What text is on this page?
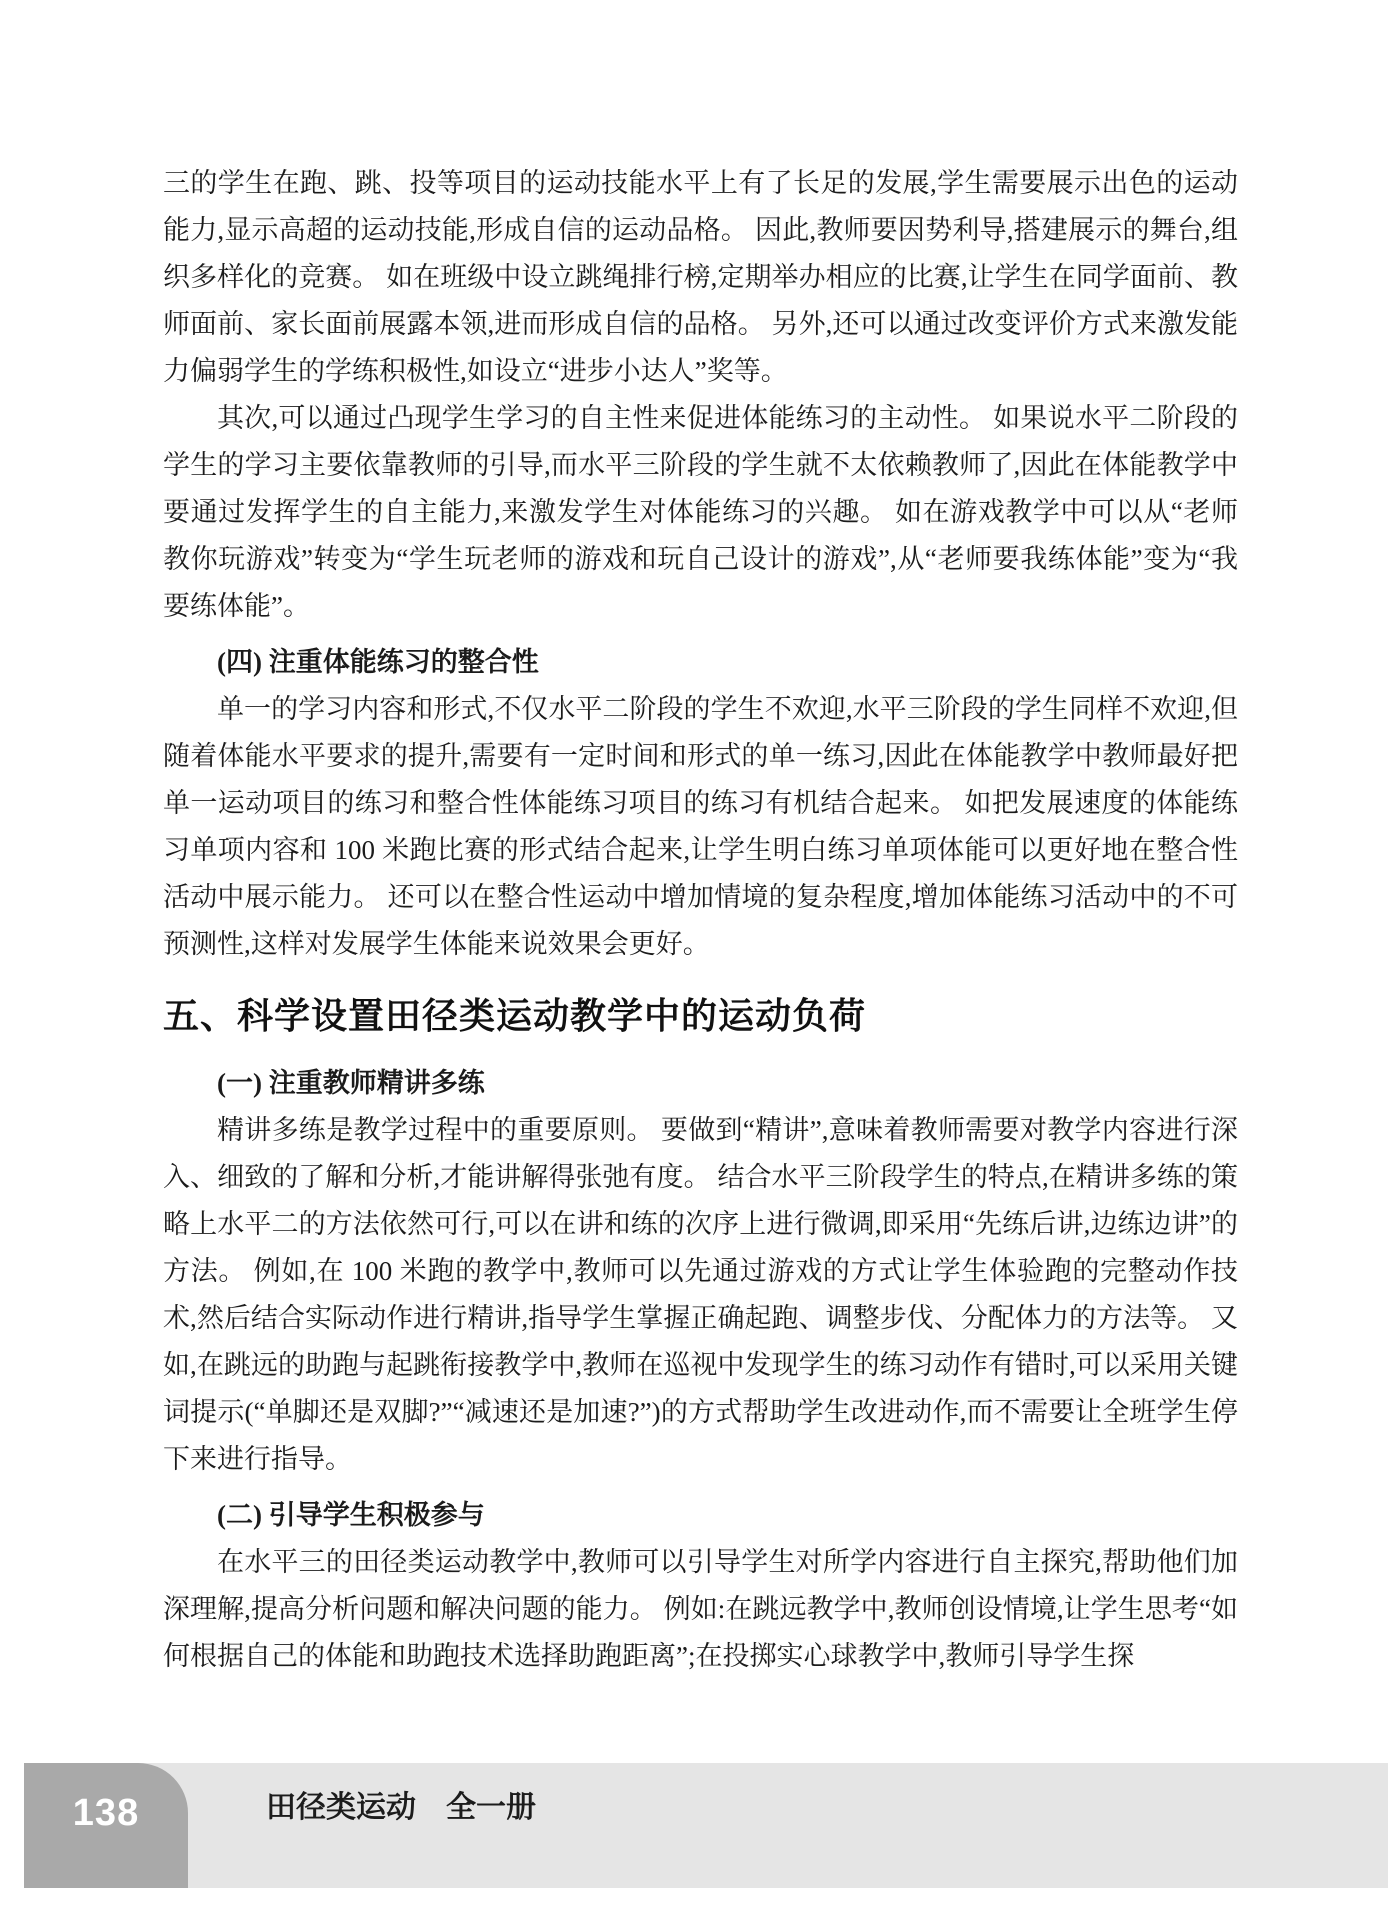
三的学生在跑、跳、投等项目的运动技能水平上有了长足的发展,学生需要展示出色的运动能力,显示高超的运动技能,形成自信的运动品格。 因此,教师要因势利导,搭建展示的舞台,组织多样化的竞赛。 如在班级中设立跳绳排行榜,定期举办相应的比赛,让学生在同学面前、教师面前、家长面前展露本领,进而形成自信的品格。 另外,还可以通过改变评价方式来激发能力偏弱学生的学练积极性,如设立“进步小达人”奖等。

其次,可以通过凸现学生学习的自主性来促进体能练习的主动性。 如果说水平二阶段的学生的学习主要依靠教师的引导,而水平三阶段的学生就不太依赖教师了,因此在体能教学中要通过发挥学生的自主能力,来激发学生对体能练习的兴趣。 如在游戏教学中可以从“老师教你玩游戏”转变为“学生玩老师的游戏和玩自己设计的游戏”,从“老师要我练体能”变为“我要练体能”。

(四) 注重体能练习的整合性

单一的学习内容和形式,不仅水平二阶段的学生不欢迎,水平三阶段的学生同样不欢迎,但随着体能水平要求的提升,需要有一定时间和形式的单一练习,因此在体能教学中教师最好把单一运动项目的练习和整合性体能练习项目的练习有机结合起来。 如把发展速度的体能练习单项内容和 100 米跑比赛的形式结合起来,让学生明白练习单项体能可以更好地在整合性活动中展示能力。 还可以在整合性运动中增加情境的复杂程度,增加体能练习活动中的不可预测性,这样对发展学生体能来说效果会更好。

五、科学设置田径类运动教学中的运动负荷
(一) 注重教师精讲多练

精讲多练是教学过程中的重要原则。 要做到“精讲”,意味着教师需要对教学内容进行深入、细致的了解和分析,才能讲解得张弛有度。 结合水平三阶段学生的特点,在精讲多练的策略上水平二的方法依然可行,可以在讲和练的次序上进行微调,即采用“先练后讲,边练边讲”的方法。 例如,在 100 米跑的教学中,教师可以先通过游戏的方式让学生体验跑的完整动作技术,然后结合实际动作进行精讲,指导学生掌握正确起跑、调整步伐、分配体力的方法等。 又如,在跳远的助跑与起跳衔接教学中,教师在巡视中发现学生的练习动作有错时,可以采用关键词提示(“单脚还是双脚?”“减速还是加速?”)的方式帮助学生改进动作,而不需要让全班学生停下来进行指导。

(二) 引导学生积极参与

在水平三的田径类运动教学中,教师可以引导学生对所学内容进行自主探究,帮助他们加深理解,提高分析问题和解决问题的能力。 例如:在跳远教学中,教师创设情境,让学生思考“如何根据自己的体能和助跑技术选择助跑距离”;在投掷实心球教学中,教师引导学生探

138	田径类运动 全一册
